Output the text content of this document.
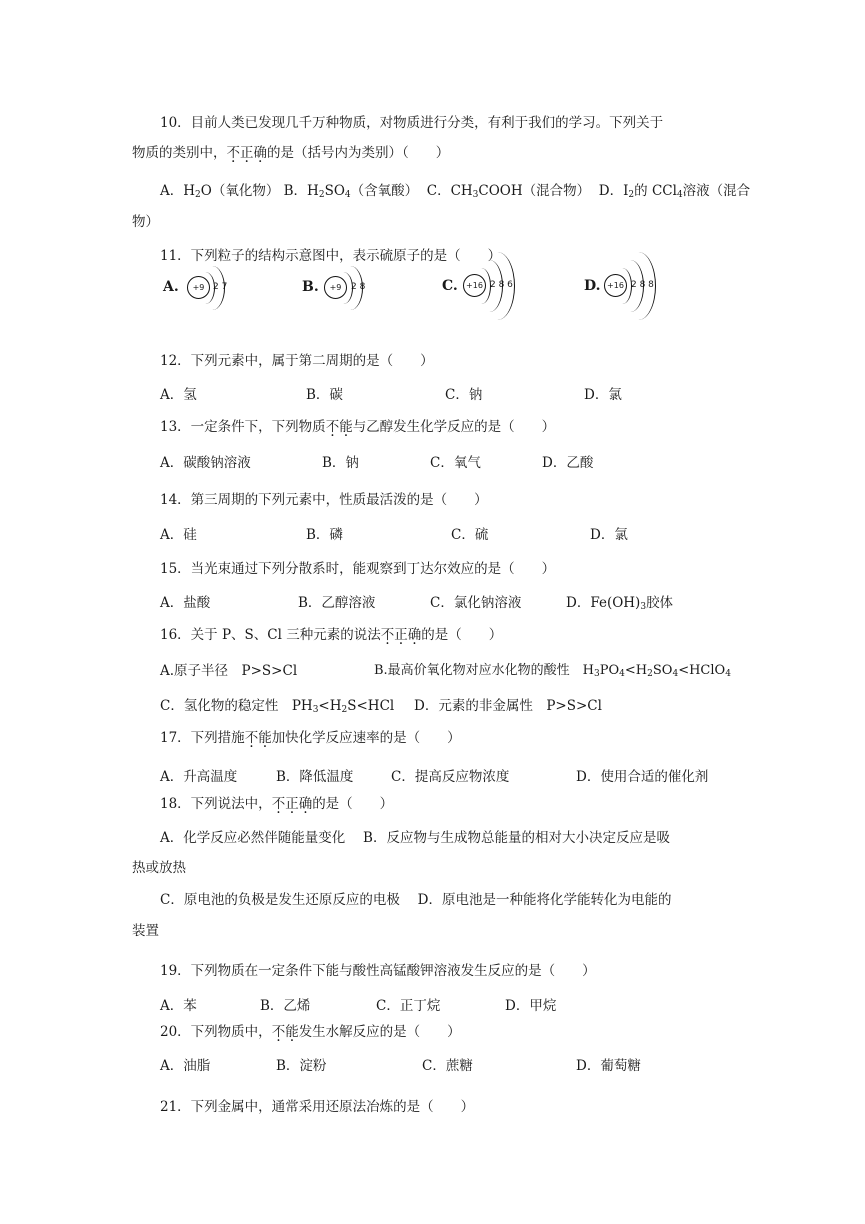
10．目前人类已发现几千万种物质，对物质进行分类，有利于我们的学习。下列关于
物质的类别中，不正确的是（括号内为类别）（　　）
A．$H_2O$（氧化物） B．$H_2SO_4$（含氧酸） C．$CH_3COOH$（混合物） D．$I_2$的 CCl$_4$溶液（混合
物）
11．下列粒子的结构示意图中，表示硫原子的是（　　）
A.	+9 2 7	B.	+9	2 8	C.	+16 2 8 6	D. +16 2 8 8
12．下列元素中，属于第二周期的是（　　）
A．氢	B．碳	C．钠	D．氯
13．一定条件下，下列物质不能与乙醇发生化学反应的是（　　）
A．碳酸钠溶液	B．钠	C．氧气	D．乙酸
14．第三周期的下列元素中，性质最活泼的是（　　）
A．硅	B．磷	C．硫	D．氯
15．当光束通过下列分散系时，能观察到丁达尔效应的是（　　）
A．盐酸	B．乙醇溶液	C．氯化钠溶液	D．$Fe(OH)_3$胶体
16．关于 P、S、Cl 三种元素的说法不正确的是（　　）
A.原子半径　P>S>Cl	B.最高价氧化物对应水化物的酸性　$H_3PO_4<H_2SO_4<HClO_4$
C．氢化物的稳定性　$PH_3<H_2S<HCl$ D．元素的非金属性　P>S>Cl
17．下列措施不能加快化学反应速率的是（　　）
A．升高温度	B．降低温度	C．提高反应物浓度	D．使用合适的催化剂
18．下列说法中，不正确的是（　　）
A．化学反应必然伴随能量变化　 B．反应物与生成物总能量的相对大小决定反应是吸
热或放热
C．原电池的负极是发生还原反应的电极　 D．原电池是一种能将化学能转化为电能的
装置
19．下列物质在一定条件下能与酸性高锰酸钾溶液发生反应的是（　　）
A．苯	B．乙烯	C．正丁烷	D．甲烷
20．下列物质中，不能发生水解反应的是（　　）
A．油脂	B．淀粉	C．蔗糖	D．葡萄糖
21．下列金属中，通常采用还原法冶炼的是（　　）
